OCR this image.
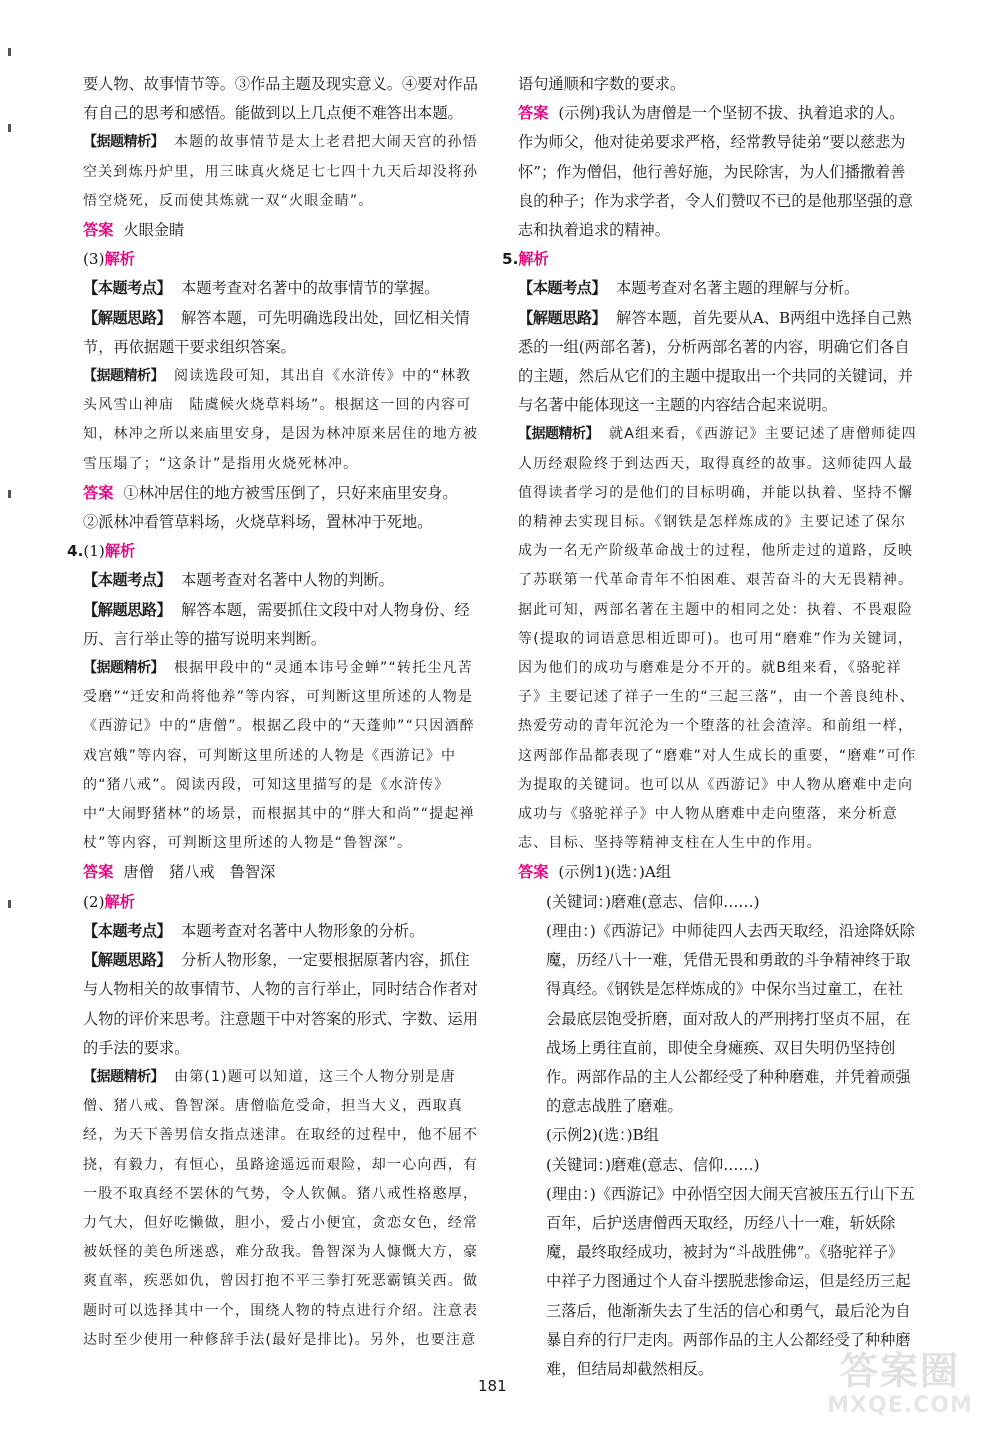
要人物、故事情节等。③作品主题及现实意义。④要对作品有自己的思考和感悟。能做到以上几点便不难答出本题。

【据题精析】 本题的故事情节是太上老君把大闹天宫的孙悟空关到炼丹炉里，用三昧真火烧足七七四十九天后却没将孙悟空烧死，反而使其炼就一双“火眼金睛”。

答案 火眼金睛

(3)解析

【本题考点】 本题考查对名著中的故事情节的掌握。

【解题思路】 解答本题，可先明确选段出处，回忆相关情节，再依据题干要求组织答案。

【据题精析】 阅读选段可知，其出自《水浒传》中的“林教头风雪山神庙　陆虞候火烧草料场”。根据这一回的内容可知，林冲之所以来庙里安身，是因为林冲原来居住的地方被雪压塌了；“这条计”是指用火烧死林冲。

答案 ①林冲居住的地方被雪压倒了，只好来庙里安身。

②派林冲看管草料场，火烧草料场，置林冲于死地。

4.(1)解析

【本题考点】 本题考查对名著中人物的判断。

【解题思路】 解答本题，需要抓住文段中对人物身份、经历、言行举止等的描写说明来判断。

【据题精析】 根据甲段中的“灵通本讳号金蝉”“转托尘凡苦受磨”“迁安和尚将他养”等内容，可判断这里所述的人物是《西游记》中的“唐僧”。根据乙段中的“天蓬帅”“只因酒醉戏宫娥”等内容，可判断这里所述的人物是《西游记》中的“猪八戒”。阅读丙段，可知这里描写的是《水浒传》中“大闹野猪林”的场景，而根据其中的“胖大和尚”“提起禅杖”等内容，可判断这里所述的人物是“鲁智深”。

答案 唐僧　猪八戒　鲁智深

(2)解析

【本题考点】 本题考查对名著中人物形象的分析。

【解题思路】 分析人物形象，一定要根据原著内容，抓住与人物相关的故事情节、人物的言行举止，同时结合作者对人物的评价来思考。注意题干中对答案的形式、字数、运用的手法的要求。

【据题精析】 由第(1)题可以知道，这三个人物分别是唐僧、猪八戒、鲁智深。唐僧临危受命，担当大义，西取真经，为天下善男信女指点迷津。在取经的过程中，他不屈不挠，有毅力，有恒心，虽路途遥远而艰险，却一心向西，有一股不取真经不罢休的气势，令人钦佩。猪八戒性格憨厚，力气大，但好吃懒做，胆小，爱占小便宜，贪恋女色，经常被妖怪的美色所迷惑，难分敌我。鲁智深为人慷慨大方，豪爽直率，疾恶如仇，曾因打抱不平三拳打死恶霸镇关西。做题时可以选择其中一个，围绕人物的特点进行介绍。注意表达时至少使用一种修辞手法(最好是排比)。另外，也要注意

语句通顺和字数的要求。

答案 (示例)我认为唐僧是一个坚韧不拔、执着追求的人。作为师父，他对徒弟要求严格，经常教导徒弟“要以慈悲为怀”；作为僧侣，他行善好施，为民除害，为人们播撒着善良的种子；作为求学者，令人们赞叹不已的是他那坚强的意志和执着追求的精神。

5.解析

【本题考点】 本题考查对名著主题的理解与分析。

【解题思路】 解答本题，首先要从A、B两组中选择自己熟悉的一组(两部名著)，分析两部名著的内容，明确它们各自的主题，然后从它们的主题中提取出一个共同的关键词，并与名著中能体现这一主题的内容结合起来说明。

【据题精析】 就A组来看，《西游记》主要记述了唐僧师徒四人历经艰险终于到达西天，取得真经的故事。这师徒四人最值得读者学习的是他们的目标明确，并能以执着、坚持不懈的精神去实现目标。《钢铁是怎样炼成的》主要记述了保尔成为一名无产阶级革命战士的过程，他所走过的道路，反映了苏联第一代革命青年不怕困难、艰苦奋斗的大无畏精神。据此可知，两部名著在主题中的相同之处：执着、不畏艰险等(提取的词语意思相近即可)。也可用“磨难”作为关键词，因为他们的成功与磨难是分不开的。就B组来看，《骆驼祥子》主要记述了祥子一生的“三起三落”，由一个善良纯朴、热爱劳动的青年沉沦为一个堕落的社会渣滓。和前组一样，这两部作品都表现了“磨难”对人生成长的重要，“磨难”可作为提取的关键词。也可以从《西游记》中人物从磨难中走向成功与《骆驼祥子》中人物从磨难中走向堕落，来分析意志、目标、坚持等精神支柱在人生中的作用。

答案 (示例1)(选：)A组

(关键词：)磨难(意志、信仰……)

(理由：)《西游记》中师徒四人去西天取经，沿途降妖除魔，历经八十一难，凭借无畏和勇敢的斗争精神终于取得真经。《钢铁是怎样炼成的》中保尔当过童工，在社会最底层饱受折磨，面对敌人的严刑拷打坚贞不屈，在战场上勇往直前，即使全身瘫痪、双目失明仍坚持创作。两部作品的主人公都经受了种种磨难，并凭着顽强的意志战胜了磨难。

(示例2)(选：)B组

(关键词：)磨难(意志、信仰……)

(理由：)《西游记》中孙悟空因大闹天宫被压五行山下五百年，后护送唐僧西天取经，历经八十一难，斩妖除魔，最终取经成功，被封为“斗战胜佛”。《骆驼祥子》中祥子力图通过个人奋斗摆脱悲惨命运，但是经历三起三落后，他渐渐失去了生活的信心和勇气，最后沦为自暴自弃的行尸走肉。两部作品的主人公都经受了种种磨难，但结局却截然相反。

181	答案圈
MXQE.COM
